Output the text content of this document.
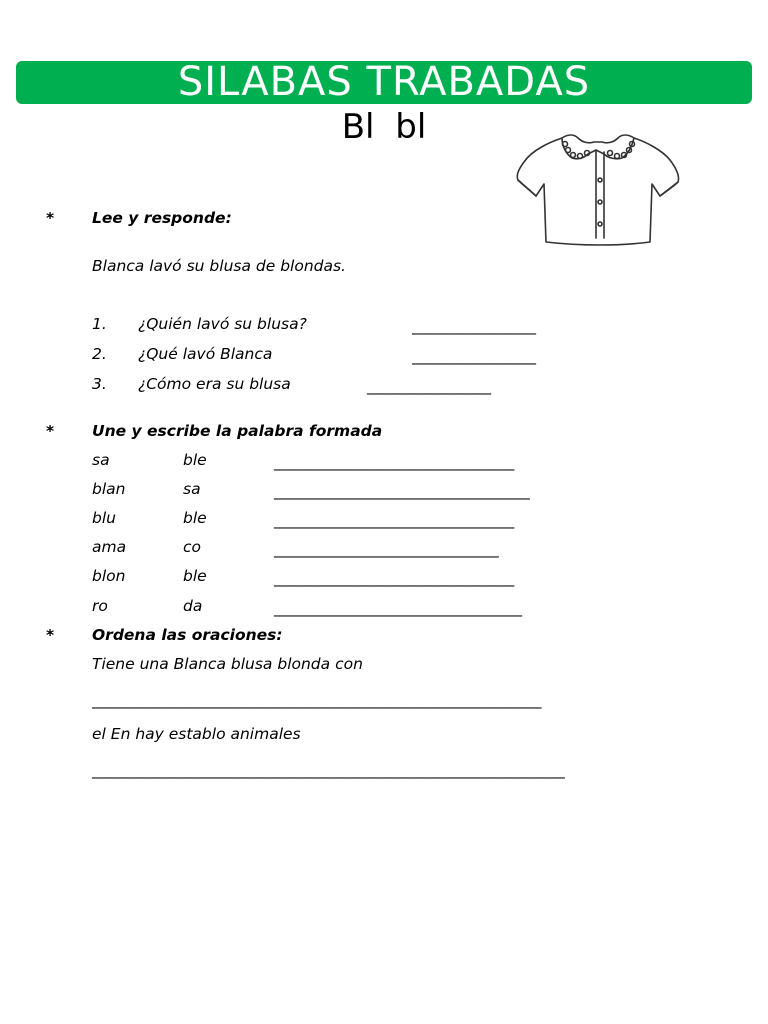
SILABAS TRABADAS
Bl bl
* Lee y responde:
Blanca lavó su blusa de blondas.
1. ¿Quién lavó su blusa?	________________
2. ¿Qué lavó Blanca	________________
3. ¿Cómo era su blusa	________________
* Une y escribe la palabra formada
sa	ble	_______________________________
blan	sa	_________________________________
blu	ble	_______________________________
ama	co	_____________________________
blon	ble	_______________________________
ro	da	________________________________
* Ordena las oraciones:
Tiene una Blanca blusa blonda con
__________________________________________________________
el En hay establo animales
_____________________________________________________________
